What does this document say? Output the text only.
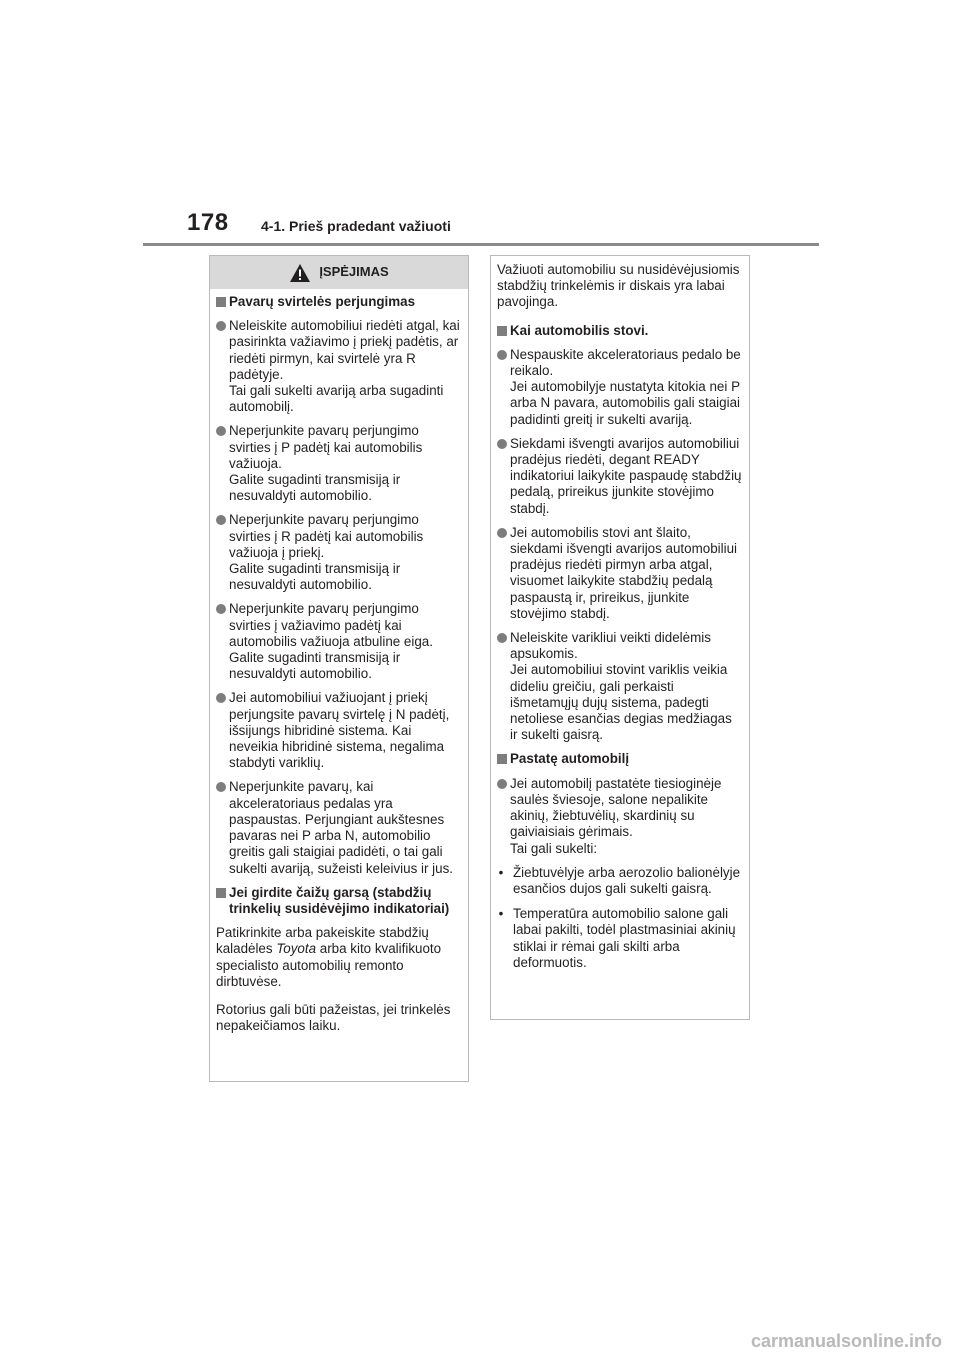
178 4-1. Prieš pradedant važiuoti
ĮSPĖJIMAS
Pavarų svirtelės perjungimas
Neleiskite automobiliui riedėti atgal, kai pasirinkta važiavimo į priekį padėtis, ar riedėti pirmyn, kai svirtelė yra R padėtyje.
Tai gali sukelti avariją arba sugadinti automobilį.
Neperjunkite pavarų perjungimo svirties į P padėtį kai automobilis važiuoja.
Galite sugadinti transmisiją ir nesuvaldyti automobilio.
Neperjunkite pavarų perjungimo svirties į R padėtį kai automobilis važiuoja į priekį.
Galite sugadinti transmisiją ir nesuvaldyti automobilio.
Neperjunkite pavarų perjungimo svirties į važiavimo padėtį kai automobilis važiuoja atbuline eiga.
Galite sugadinti transmisiją ir nesuvaldyti automobilio.
Jei automobiliui važiuojant į priekį perjungsite pavarų svirtelę į N padėtį, išsijungs hibridinė sistema. Kai neveikia hibridinė sistema, negalima stabdyti variklių.
Neperjunkite pavarų, kai akceleratoriaus pedalas yra paspaustas. Perjungiant aukštesnes pavaras nei P arba N, automobilio greitis gali staigiai padidėti, o tai gali sukelti avariją, sužeisti keleivius ir jus.
Jei girdite čaižų garsą (stabdžių trinkelių susidėvėjimo indikatoriai)

Patikrinkite arba pakeiskite stabdžių kaladėles Toyota arba kito kvalifikuoto specialisto automobilių remonto dirbtuvėse.

Rotorius gali būti pažeistas, jei trinkelės nepakeičiamos laiku.

Važiuoti automobiliu su nusidėvėjusiomis stabdžių trinkelėmis ir diskais yra labai pavojinga.

Kai automobilis stovi.
Nespauskite akceleratoriaus pedalo be reikalo.
Jei automobilyje nustatyta kitokia nei P arba N pavara, automobilis gali staigiai padidinti greitį ir sukelti avariją.
Siekdami išvengti avarijos automobiliui pradėjus riedėti, degant READY indikatoriui laikykite paspaudę stabdžių pedalą, prireikus įjunkite stovėjimo stabdį.
Jei automobilis stovi ant šlaito, siekdami išvengti avarijos automobiliui pradėjus riedėti pirmyn arba atgal, visuomet laikykite stabdžių pedalą paspaustą ir, prireikus, įjunkite stovėjimo stabdį.
Neleiskite varikliui veikti didelėmis apsukomis.
Jei automobiliui stovint variklis veikia dideliu greičiu, gali perkaisti išmetamųjų dujų sistema, padegti netoliese esančias degias medžiagas ir sukelti gaisrą.
Pastatę automobilį
Jei automobilį pastatėte tiesioginėje saulės šviesoje, salone nepalikite akinių, žiebtuvėlių, skardinių su gaiviaisiais gėrimais.
Tai gali sukelti:
• Žiebtuvėlyje arba aerozolio balionėlyje esančios dujos gali sukelti gaisrą.
• Temperatūra automobilio salone gali labai pakilti, todėl plastmasiniai akinių stiklai ir rėmai gali skilti arba deformuotis.
carmanualsonline.info
